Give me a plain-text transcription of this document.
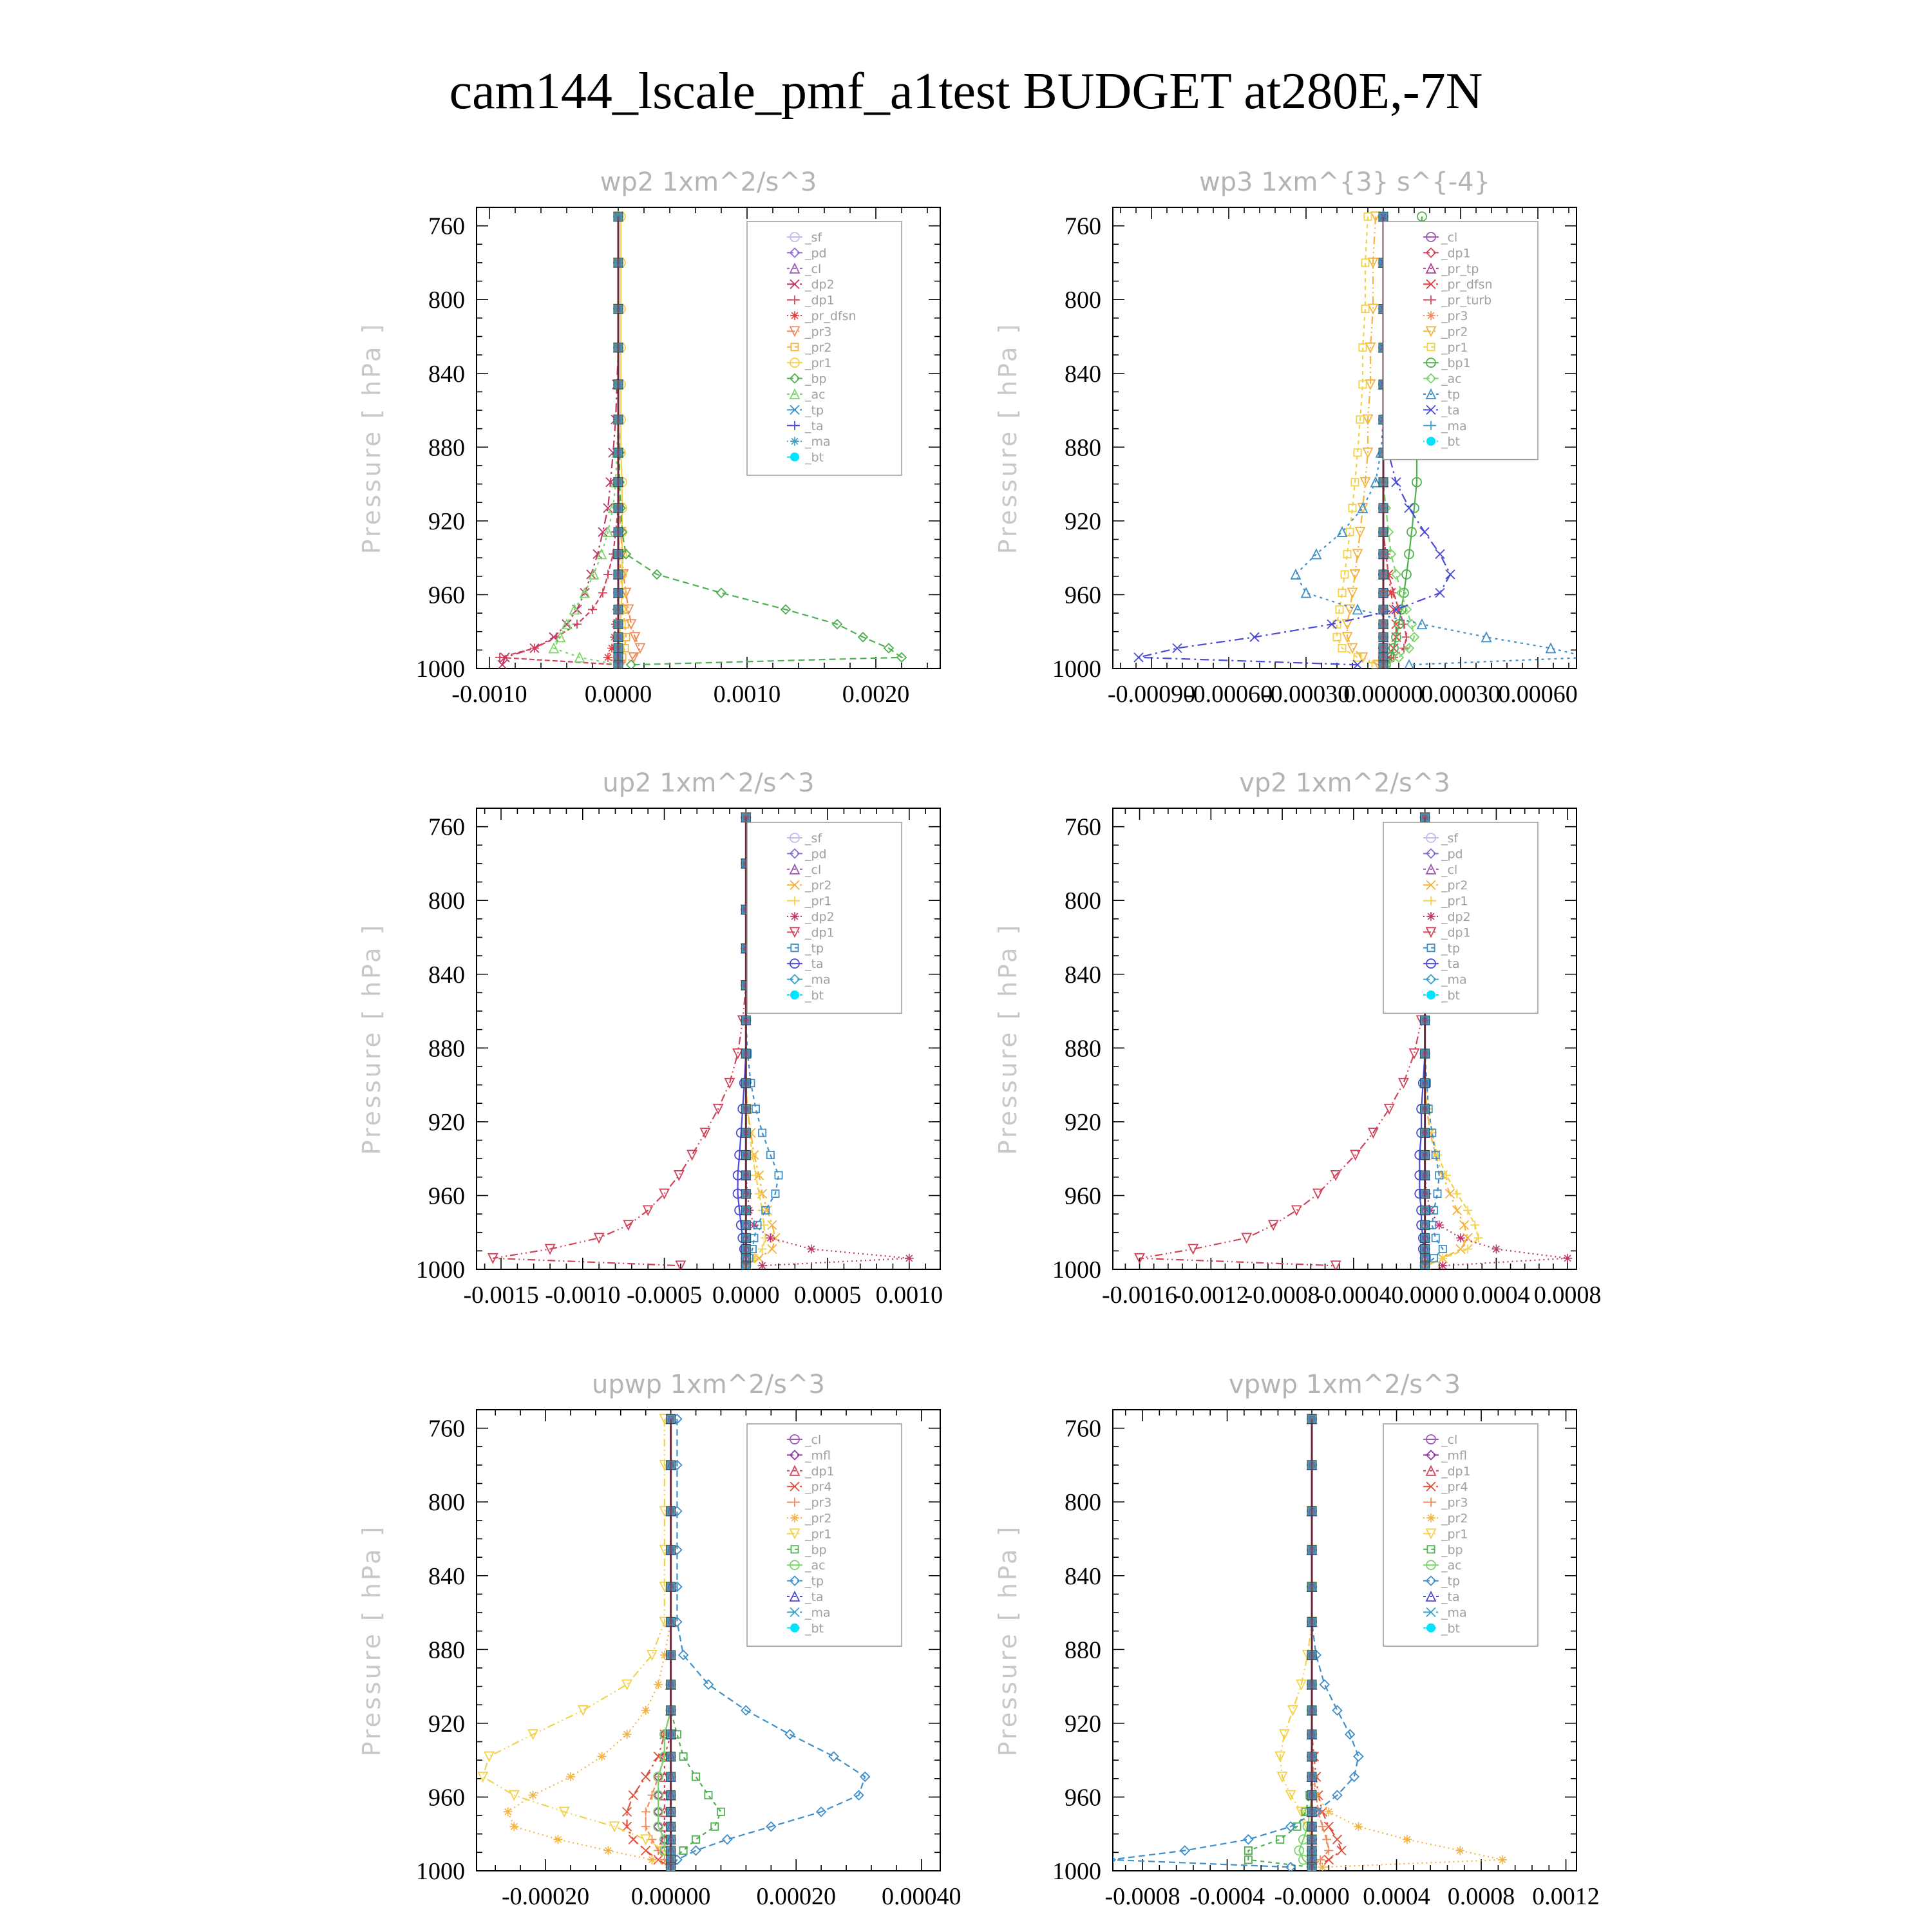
cam144_lscale_pmf_a1test BUDGET at280E,-7N
wp2 1xm^2/s^3
Pressure [ hPa ]
760
800
840
880
920
960
1000
-0.0010 0.0000	0.0010	0.0020
_sf
_pd
_cl
_dp2
_dp1
_pr_dfsn
_pr3
_pr2
_pr1
_bp
_ac
_tp
_ta
_ma
_bt
wp3 1xm^{3} s^{-4}
Pressure [ hPa ]
760
800
840
880
920
960
1000
-0.00090
-0.00060
-0.00030
0.00000
0.00030
0.00060
_cl
_dp1
_pr_tp
_pr_dfsn
_pr_turb
_pr3
_pr2
_pr1
_bp1
_ac
_tp
_ta
_ma
_bt
up2 1xm^2/s^3
Pressure [ hPa ]
760
800
840
880
920
960
1000
-0.0015 -0.0010 -0.0005 0.0000 0.0005 0.0010
_sf
_pd
_cl
_pr2
_pr1
_dp2
_dp1
_tp
_ta
_ma
_bt
vp2 1xm^2/s^3
Pressure [ hPa ]
760
800
840
880
920
960
1000
-0.0016
-0.0012
-0.0008
-0.0004 0.0000 0.0004 0.0008
_sf
_pd
_cl
_pr2
_pr1
_dp2
_dp1
_tp
_ta
_ma
_bt
upwp 1xm^2/s^3
Pressure [ hPa ]
760
800
840
880
920
960
1000
-0.00020 0.00000 0.00020 0.00040
_cl
_mfl
_dp1
_pr4
_pr3
_pr2
_pr1
_bp
_ac
_tp
_ta
_ma
_bt
vpwp 1xm^2/s^3
Pressure [ hPa ]
760
800
840
880
920
960
1000
-0.0008 -0.0004 -0.0000 0.0004 0.0008 0.0012
_cl
_mfl
_dp1
_pr4
_pr3
_pr2
_pr1
_bp
_ac
_tp
_ta
_ma
_bt
